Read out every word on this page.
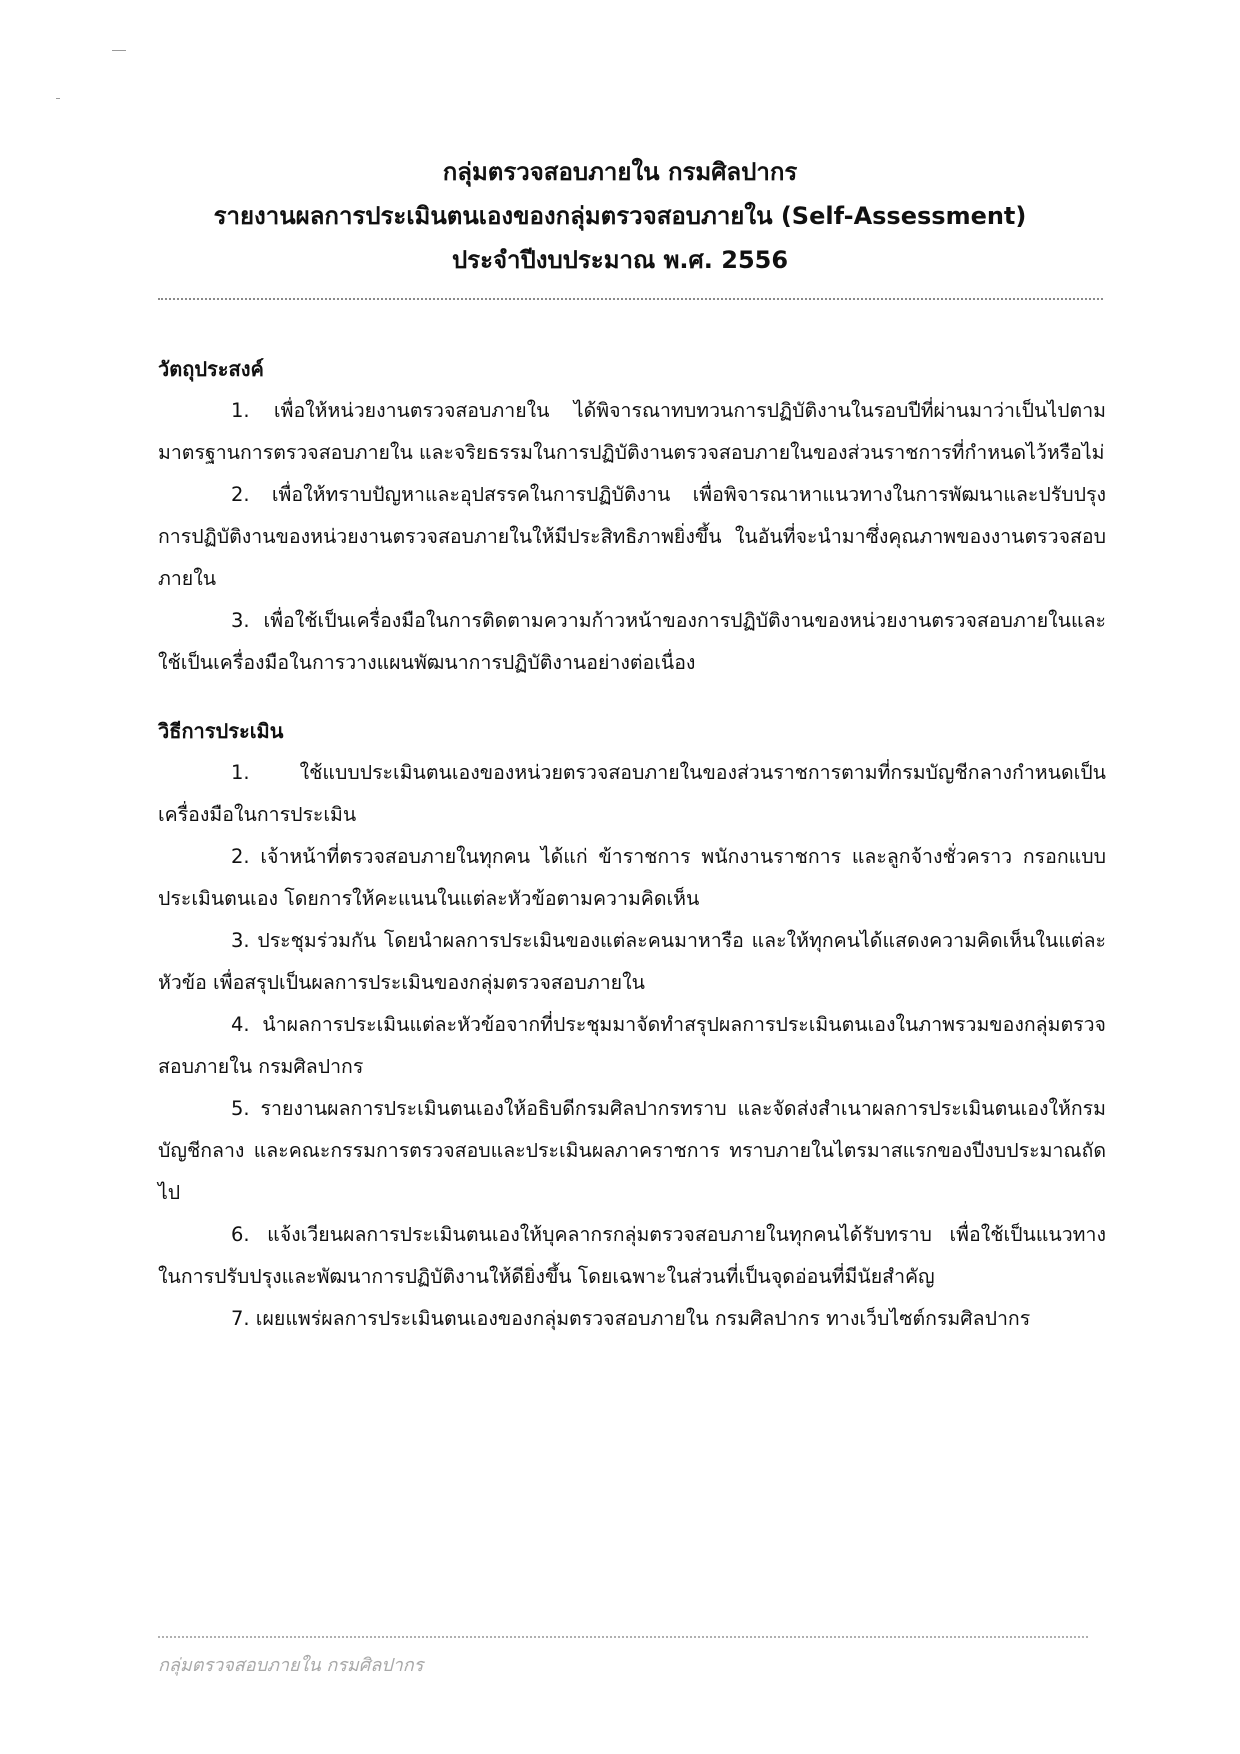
กลุ่มตรวจสอบภายใน กรมศิลปากร
รายงานผลการประเมินตนเองของกลุ่มตรวจสอบภายใน (Self-Assessment)
ประจำปีงบประมาณ พ.ศ. 2556

วัตถุประสงค์

1. เพื่อให้หน่วยงานตรวจสอบภายใน ได้พิจารณาทบทวนการปฏิบัติงานในรอบปีที่ผ่านมาว่าเป็นไปตามมาตรฐานการตรวจสอบภายใน และจริยธรรมในการปฏิบัติงานตรวจสอบภายในของส่วนราชการที่กำหนดไว้หรือไม่

2. เพื่อให้ทราบปัญหาและอุปสรรคในการปฏิบัติงาน เพื่อพิจารณาหาแนวทางในการพัฒนาและปรับปรุงการปฏิบัติงานของหน่วยงานตรวจสอบภายในให้มีประสิทธิภาพยิ่งขึ้น ในอันที่จะนำมาซึ่งคุณภาพของงานตรวจสอบภายใน

3. เพื่อใช้เป็นเครื่องมือในการติดตามความก้าวหน้าของการปฏิบัติงานของหน่วยงานตรวจสอบภายในและใช้เป็นเครื่องมือในการวางแผนพัฒนาการปฏิบัติงานอย่างต่อเนื่อง

วิธีการประเมิน

1. ใช้แบบประเมินตนเองของหน่วยตรวจสอบภายในของส่วนราชการตามที่กรมบัญชีกลางกำหนดเป็นเครื่องมือในการประเมิน

2. เจ้าหน้าที่ตรวจสอบภายในทุกคน ได้แก่ ข้าราชการ พนักงานราชการ และลูกจ้างชั่วคราว กรอกแบบประเมินตนเอง โดยการให้คะแนนในแต่ละหัวข้อตามความคิดเห็น

3. ประชุมร่วมกัน โดยนำผลการประเมินของแต่ละคนมาหารือ และให้ทุกคนได้แสดงความคิดเห็นในแต่ละหัวข้อ เพื่อสรุปเป็นผลการประเมินของกลุ่มตรวจสอบภายใน

4. นำผลการประเมินแต่ละหัวข้อจากที่ประชุมมาจัดทำสรุปผลการประเมินตนเองในภาพรวมของกลุ่มตรวจสอบภายใน กรมศิลปากร

5. รายงานผลการประเมินตนเองให้อธิบดีกรมศิลปากรทราบ และจัดส่งสำเนาผลการประเมินตนเองให้กรมบัญชีกลาง และคณะกรรมการตรวจสอบและประเมินผลภาคราชการ ทราบภายในไตรมาสแรกของปีงบประมาณถัดไป

6. แจ้งเวียนผลการประเมินตนเองให้บุคลากรกลุ่มตรวจสอบภายในทุกคนได้รับทราบ เพื่อใช้เป็นแนวทางในการปรับปรุงและพัฒนาการปฏิบัติงานให้ดียิ่งขึ้น โดยเฉพาะในส่วนที่เป็นจุดอ่อนที่มีนัยสำคัญ

7. เผยแพร่ผลการประเมินตนเองของกลุ่มตรวจสอบภายใน กรมศิลปากร ทางเว็บไซต์กรมศิลปากร

กลุ่มตรวจสอบภายใน กรมศิลปากร
